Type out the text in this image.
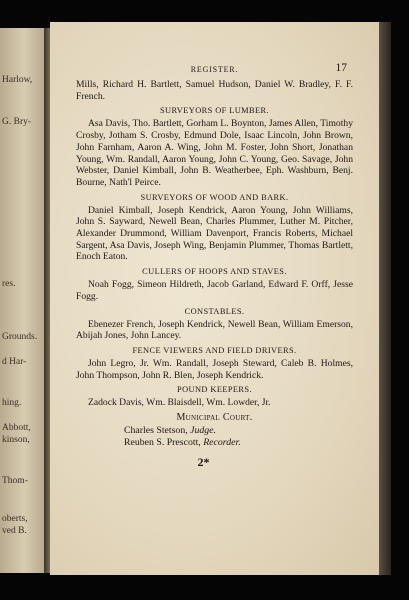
Harlow,
G. Bry-
res.
Grounds.
d Har-
hing.
Abbott,
kinson,
Thom-
oberts,
ved B.
REGISTER.	17

Mills, Richard H. Bartlett, Samuel Hudson, Daniel W. Bradley, F. F. French.

SURVEYORS OF LUMBER.

Asa Davis, Tho. Bartlett, Gorham L. Boynton, James Allen, Timothy Crosby, Jotham S. Crosby, Edmund Dole, Isaac Lincoln, John Brown, John Farnham, Aaron A. Wing, John M. Foster, John Short, Jonathan Young, Wm. Randall, Aaron Young, John C. Young, Geo. Savage, John Webster, Daniel Kimball, John B. Weatherbee, Eph. Washburn, Benj. Bourne, Nath'l Peirce.

SURVEYORS OF WOOD AND BARK.

Daniel Kimball, Joseph Kendrick, Aaron Young, John Williams, John S. Sayward, Newell Bean, Charles Plummer, Luther M. Pitcher, Alexander Drummond, William Davenport, Francis Roberts, Michael Sargent, Asa Davis, Joseph Wing, Benjamin Plummer, Thomas Bartlett, Enoch Eaton.

CULLERS OF HOOPS AND STAVES.

Noah Fogg, Simeon Hildreth, Jacob Garland, Edward F. Orff, Jesse Fogg.

CONSTABLES.

Ebenezer French, Joseph Kendrick, Newell Bean, William Emerson, Abijah Jones, John Lancey.

FENCE VIEWERS AND FIELD DRIVERS.

John Legro, Jr. Wm. Randall, Joseph Steward, Caleb B. Holmes, John Thompson, John R. Blen, Joseph Kendrick.

POUND KEEPERS.

Zadock Davis, Wm. Blaisdell, Wm. Lowder, Jr.

Municipal Court.
Charles Stetson, Judge.
Reuben S. Prescott, Recorder.
2*
